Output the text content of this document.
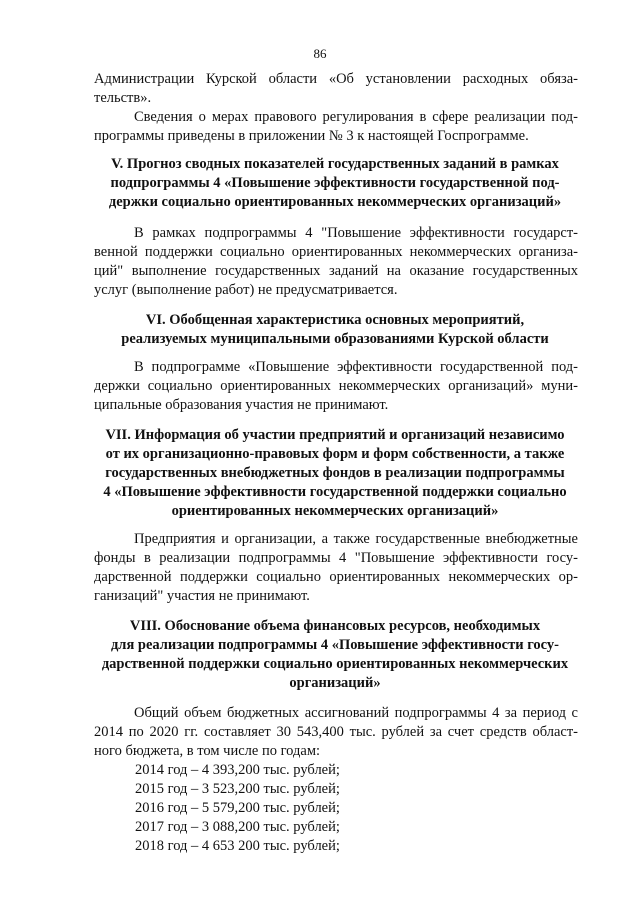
86
Администрации Курской области «Об установлении расходных обяза-
тельств».
Сведения о мерах правового регулирования в сфере реализации под-
программы приведены в приложении № 3 к настоящей Госпрограмме.
V. Прогноз сводных показателей государственных заданий в рамках
подпрограммы 4 «Повышение эффективности государственной под-
держки социально ориентированных некоммерческих организаций»
В рамках подпрограммы 4 "Повышение эффективности государст-
венной поддержки социально ориентированных некоммерческих организа-
ций" выполнение государственных заданий на оказание государственных
услуг (выполнение работ) не предусматривается.
VI. Обобщенная характеристика основных мероприятий,
реализуемых муниципальными образованиями Курской области
В подпрограмме «Повышение эффективности государственной под-
держки социально ориентированных некоммерческих организаций» муни-
ципальные образования участия не принимают.
VII. Информация об участии предприятий и организаций независимо
от их организационно-правовых форм и форм собственности, а также
государственных внебюджетных фондов в реализации подпрограммы
4 «Повышение эффективности государственной поддержки социально
ориентированных некоммерческих организаций»
Предприятия и организации, а также государственные внебюджетные
фонды в реализации подпрограммы 4 "Повышение эффективности госу-
дарственной поддержки социально ориентированных некоммерческих ор-
ганизаций" участия не принимают.
VIII. Обоснование объема финансовых ресурсов, необходимых
для реализации подпрограммы 4 «Повышение эффективности госу-
дарственной поддержки социально ориентированных некоммерческих
организаций»
Общий объем бюджетных ассигнований подпрограммы 4 за период с
2014 по 2020 гг. составляет 30 543,400 тыс. рублей за счет средств област-
ного бюджета, в том числе по годам:
2014 год – 4 393,200 тыс. рублей;
2015 год – 3 523,200 тыс. рублей;
2016 год – 5 579,200 тыс. рублей;
2017 год – 3 088,200 тыс. рублей;
2018 год – 4 653 200 тыс. рублей;
